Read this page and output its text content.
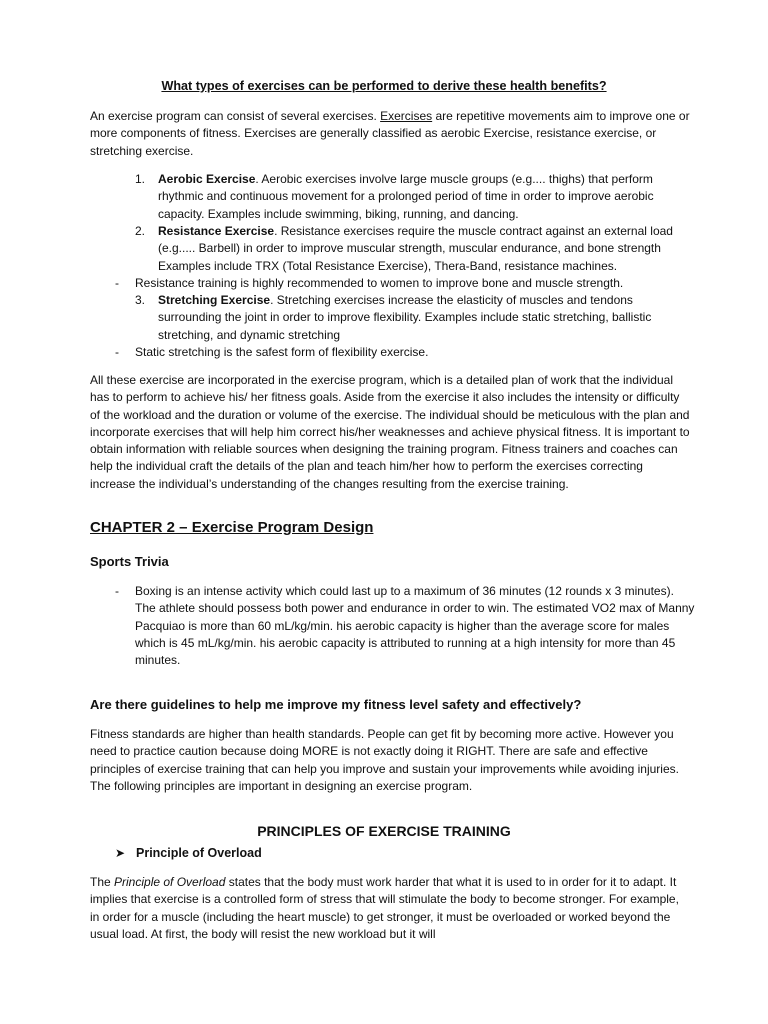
What types of exercises can be performed to derive these health benefits?
An exercise program can consist of several exercises. Exercises are repetitive movements aim to improve one or more components of fitness. Exercises are generally classified as aerobic Exercise, resistance exercise, or stretching exercise.
1.	Aerobic Exercise. Aerobic exercises involve large muscle groups (e.g.... thighs) that perform rhythmic and continuous movement for a prolonged period of time in order to improve aerobic capacity. Examples include swimming, biking, running, and dancing.
2.	Resistance Exercise. Resistance exercises require the muscle contract against an external load (e.g..... Barbell) in order to improve muscular strength, muscular endurance, and bone strength Examples include TRX (Total Resistance Exercise), Thera-Band, resistance machines.
- Resistance training is highly recommended to women to improve bone and muscle strength.
3.	Stretching Exercise. Stretching exercises increase the elasticity of muscles and tendons surrounding the joint in order to improve flexibility. Examples include static stretching, ballistic stretching, and dynamic stretching
- Static stretching is the safest form of flexibility exercise.
All these exercise are incorporated in the exercise program, which is a detailed plan of work that the individual has to perform to achieve his/ her fitness goals. Aside from the exercise it also includes the intensity or difficulty of the workload and the duration or volume of the exercise. The individual should be meticulous with the plan and incorporate exercises that will help him correct his/her weaknesses and achieve physical fitness. It is important to obtain information with reliable sources when designing the training program. Fitness trainers and coaches can help the individual craft the details of the plan and teach him/her how to perform the exercises correcting increase the individual’s understanding of the changes resulting from the exercise training.
CHAPTER 2 – Exercise Program Design
Sports Trivia
- Boxing is an intense activity which could last up to a maximum of 36 minutes (12 rounds x 3 minutes). The athlete should possess both power and endurance in order to win. The estimated VO2 max of Manny Pacquiao is more than 60 mL/kg/min. his aerobic capacity is higher than the average score for males which is 45 mL/kg/min. his aerobic capacity is attributed to running at a high intensity for more than 45 minutes.
Are there guidelines to help me improve my fitness level safety and effectively?
Fitness standards are higher than health standards. People can get fit by becoming more active. However you need to practice caution because doing MORE is not exactly doing it RIGHT. There are safe and effective principles of exercise training that can help you improve and sustain your improvements while avoiding injuries. The following principles are important in designing an exercise program.
PRINCIPLES OF EXERCISE TRAINING
➤ Principle of Overload
The Principle of Overload states that the body must work harder that what it is used to in order for it to adapt. It implies that exercise is a controlled form of stress that will stimulate the body to become stronger. For example, in order for a muscle (including the heart muscle) to get stronger, it must be overloaded or worked beyond the usual load. At first, the body will resist the new workload but it will
